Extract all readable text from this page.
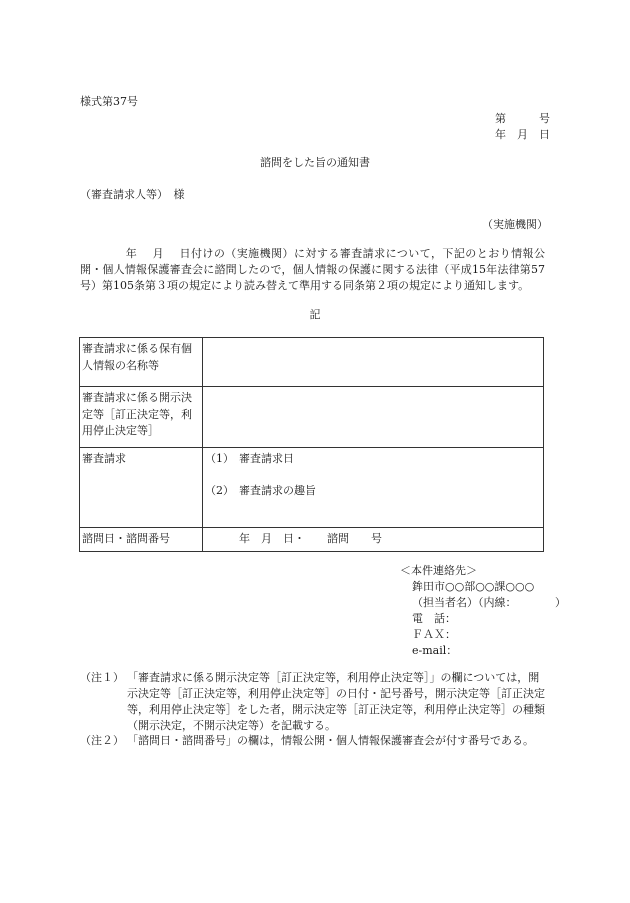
様式第37号
第　　　号
年　月　日
諮問をした旨の通知書
（審査請求人等）　様
（実施機関）
　　　　年　 月 　日付けの（実施機関）に対する審査請求について，下記のとおり情報公開・個人情報保護審査会に諮問したので，個人情報の保護に関する法律（平成15年法律第57号）第105条第３項の規定により読み替えて準用する同条第２項の規定により通知します。
記
審査請求に係る保有個人情報の名称等	
審査請求に係る開示決定等［訂正決定等，利用停止決定等］	
審査請求	（1） 審査請求日
（2） 審査請求の趣旨

諮問日・諮問番号	年　月　日・　　諮問　　号
＜本件連絡先＞
鉾田市○○部○○課○○○
（担当者名）（内線：　　　　）
電　話：
ＦＡＸ：
e-mail：
（注１） 「審査請求に係る開示決定等［訂正決定等，利用停止決定等］」の欄については，開示決定等［訂正決定等，利用停止決定等］の日付・記号番号，開示決定等［訂正決定等，利用停止決定等］をした者，開示決定等［訂正決定等，利用停止決定等］の種類（開示決定，不開示決定等）を記載する。
（注２） 「諮問日・諮問番号」の欄は，情報公開・個人情報保護審査会が付す番号である。
